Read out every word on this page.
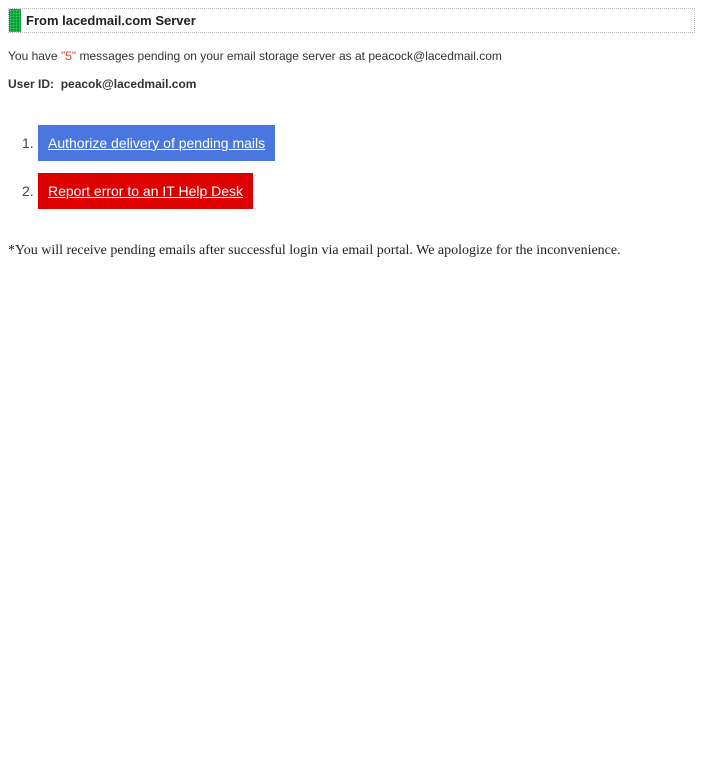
From lacedmail.com Server
You have "5" messages pending on your email storage server as at peacock@lacedmail.com
User ID: peacok@lacedmail.com
1.	Authorize delivery of pending mails
2.	Report error to an IT Help Desk
*You will receive pending emails after successful login via email portal. We apologize for the inconvenience.
